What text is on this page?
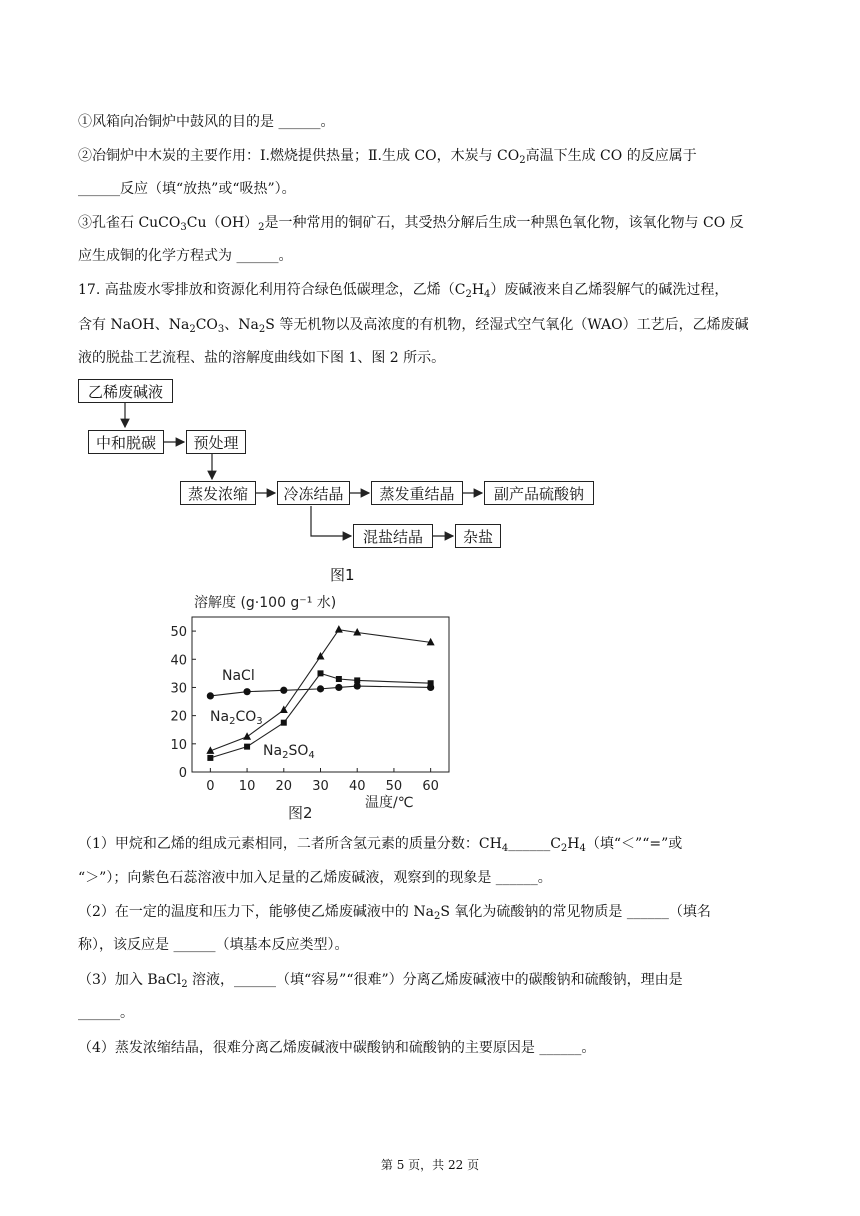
①风箱向冶铜炉中鼓风的目的是 ______。
②冶铜炉中木炭的主要作用：Ⅰ.燃烧提供热量；Ⅱ.生成 CO，木炭与 $CO_2$高温下生成 CO 的反应属于
______反应（填“放热”或“吸热”）。
③孔雀石 $CuCO_3Cu(OH)_2$是一种常用的铜矿石，其受热分解后生成一种黑色氧化物，该氧化物与 CO 反
应生成铜的化学方程式为 ______。
17. 高盐废水零排放和资源化利用符合绿色低碳理念，乙烯$(C_2H_4)$废碱液来自乙烯裂解气的碱洗过程，
含有 NaOH、$Na_2CO_3$、$Na_2S$ 等无机物以及高浓度的有机物，经湿式空气氧化（WAO）工艺后，乙烯废碱
液的脱盐工艺流程、盐的溶解度曲线如下图 1、图 2 所示。
乙稀废碱液
中和脱碳	预处理
蒸发浓缩	冷冻结晶	蒸发重结晶	副产品硫酸钠
混盐结晶	杂盐
图1
溶解度 (g·100 g⁻¹ 水)
温度/℃
图2
0 10 20 30 40 50 60
0
10
20
30
40
50
NaCl
$Na_2CO_3$
$Na_2SO_4$
（1）甲烷和乙烯的组成元素相同，二者所含氢元素的质量分数：$CH_4\_\_\_\_\_\_C_2H_4$（填“＜”“=”或
“＞”）；向紫色石蕊溶液中加入足量的乙烯废碱液，观察到的现象是 ______。
（2）在一定的温度和压力下，能够使乙烯废碱液中的 $Na_2S$ 氧化为硫酸钠的常见物质是 ______（填名
称），该反应是 ______（填基本反应类型）。
（3）加入 BaCl$_2$ 溶液，______（填“容易”“很难”）分离乙烯废碱液中的碳酸钠和硫酸钠，理由是
______。
（4）蒸发浓缩结晶，很难分离乙烯废碱液中碳酸钠和硫酸钠的主要原因是 ______。
第 5 页，共 22 页
